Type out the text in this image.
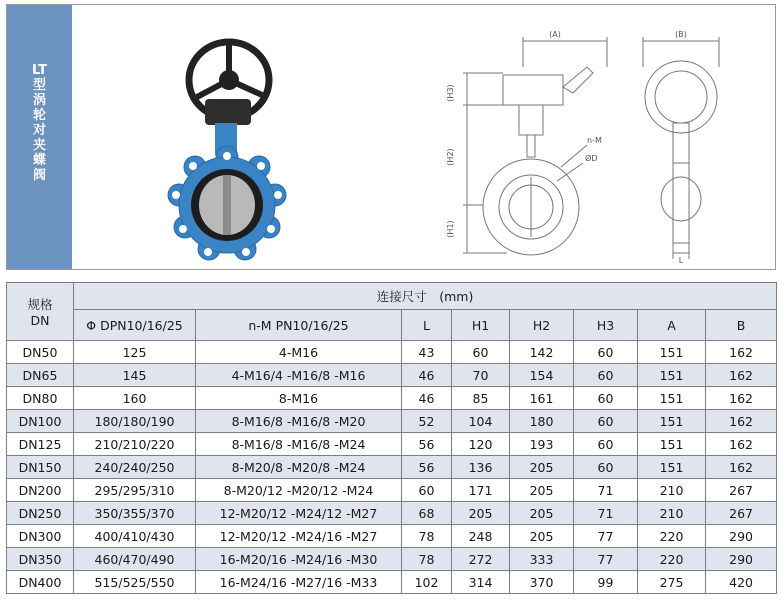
LT
型
涡
轮
对
夹
蝶
阀
(A)	(B)
(H3)
(H2)
(H1)
n-M
ØD
L
规格
DN	连接尺寸　(mm)							
	Φ DPN10/16/25	n-M PN10/16/25	L	H1	H2	H3	A	B
DN50	125	4-M16	43	60	142	60	151	162
DN65	145	4-M16/4 -M16/8 -M16	46	70	154	60	151	162
DN80	160	8-M16	46	85	161	60	151	162
DN100	180/180/190	8-M16/8 -M16/8 -M20	52	104	180	60	151	162
DN125	210/210/220	8-M16/8 -M16/8 -M24	56	120	193	60	151	162
DN150	240/240/250	8-M20/8 -M20/8 -M24	56	136	205	60	151	162
DN200	295/295/310	8-M20/12 -M20/12 -M24	60	171	205	71	210	267
DN250	350/355/370	12-M20/12 -M24/12 -M27	68	205	205	71	210	267
DN300	400/410/430	12-M20/12 -M24/16 -M27	78	248	205	77	220	290
DN350	460/470/490	16-M20/16 -M24/16 -M30	78	272	333	77	220	290
DN400	515/525/550	16-M24/16 -M27/16 -M33	102	314	370	99	275	420
